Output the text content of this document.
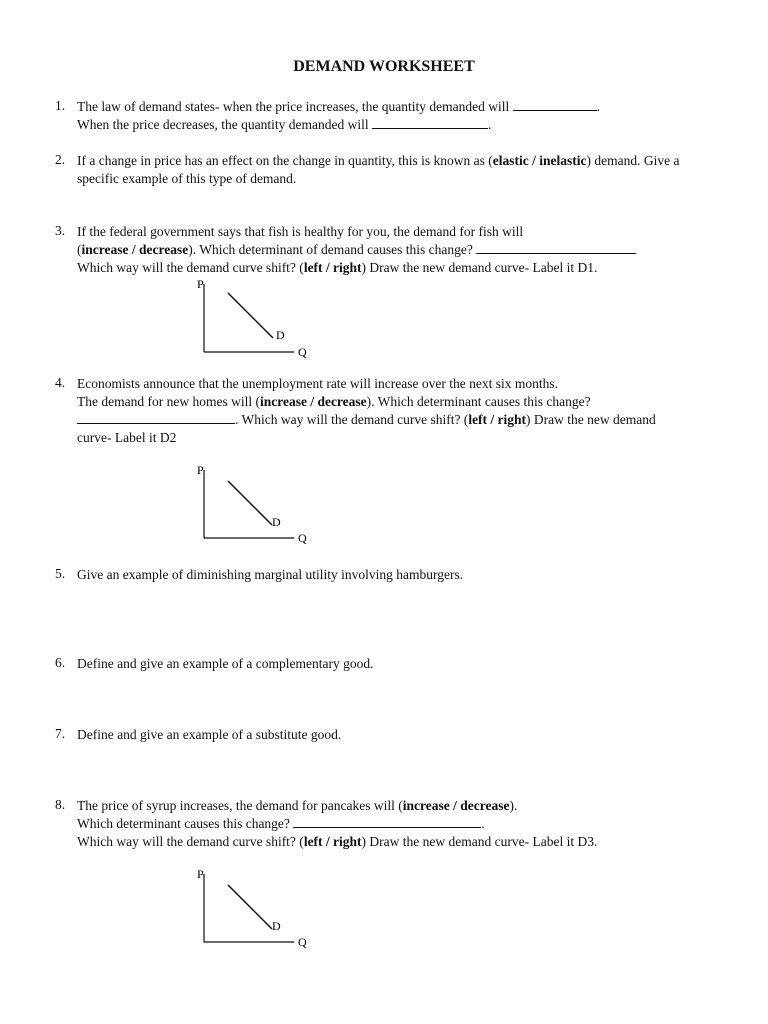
DEMAND WORKSHEET
1. The law of demand states- when the price increases, the quantity demanded will	.
When the price decreases, the quantity demanded will	.
2. If a change in price has an effect on the change in quantity, this is known as (elastic / inelastic) demand. Give a
specific example of this type of demand.
3. If the federal government says that fish is healthy for you, the demand for fish will
(increase / decrease). Which determinant of demand causes this change?
Which way will the demand curve shift? (left / right) Draw the new demand curve- Label it D1.
P
Q
D
4. Economists announce that the unemployment rate will increase over the next six months.
The demand for new homes will (increase / decrease). Which determinant causes this change?
. Which way will the demand curve shift? (left / right) Draw the new demand
curve- Label it D2
P
Q
D
5. Give an example of diminishing marginal utility involving hamburgers.
6. Define and give an example of a complementary good.
7. Define and give an example of a substitute good.
8. The price of syrup increases, the demand for pancakes will (increase / decrease).
Which determinant causes this change?	.
Which way will the demand curve shift? (left / right) Draw the new demand curve- Label it D3.
P
Q
D
